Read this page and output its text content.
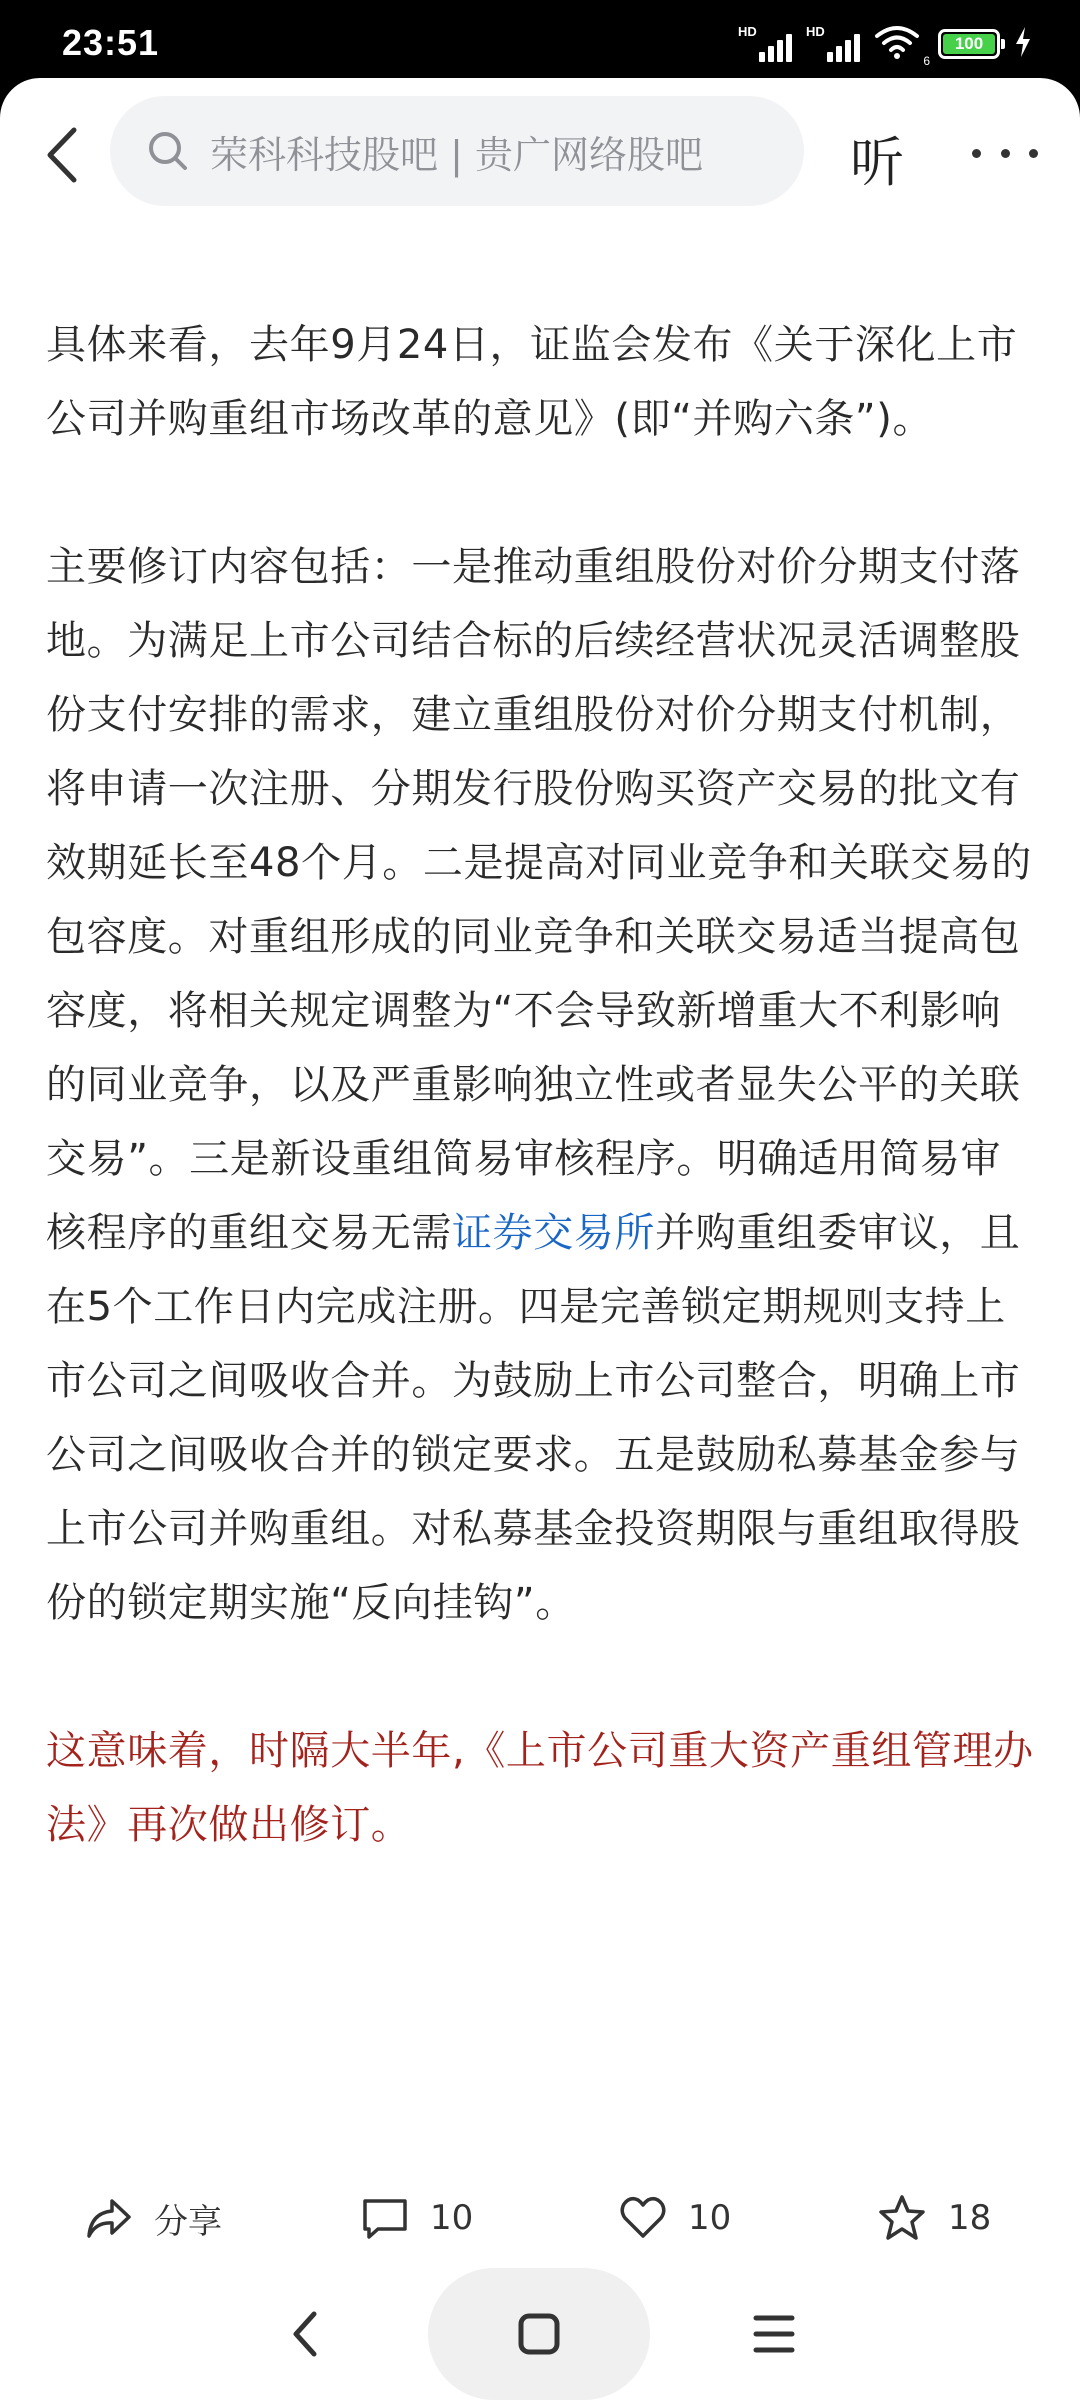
23:51	HD	HD
6
100
荣科科技股吧 | 贵广网络股吧	听

具体来看，去年9月24日，证监会发布《关于深化上市公司并购重组市场改革的意见》(即“并购六条”)。

主要修订内容包括：一是推动重组股份对价分期支付落地。为满足上市公司结合标的后续经营状况灵活调整股份支付安排的需求，建立重组股份对价分期支付机制，将申请一次注册、分期发行股份购买资产交易的批文有效期延长至48个月。二是提高对同业竞争和关联交易的包容度。对重组形成的同业竞争和关联交易适当提高包容度，将相关规定调整为“不会导致新增重大不利影响的同业竞争，以及严重影响独立性或者显失公平的关联交易”。三是新设重组简易审核程序。明确适用简易审核程序的重组交易无需证券交易所并购重组委审议，且在5个工作日内完成注册。四是完善锁定期规则支持上市公司之间吸收合并。为鼓励上市公司整合，明确上市公司之间吸收合并的锁定要求。五是鼓励私募基金参与上市公司并购重组。对私募基金投资期限与重组取得股份的锁定期实施“反向挂钩”。

这意味着，时隔大半年,《上市公司重大资产重组管理办法》再次做出修订。

分享	10	10	18
